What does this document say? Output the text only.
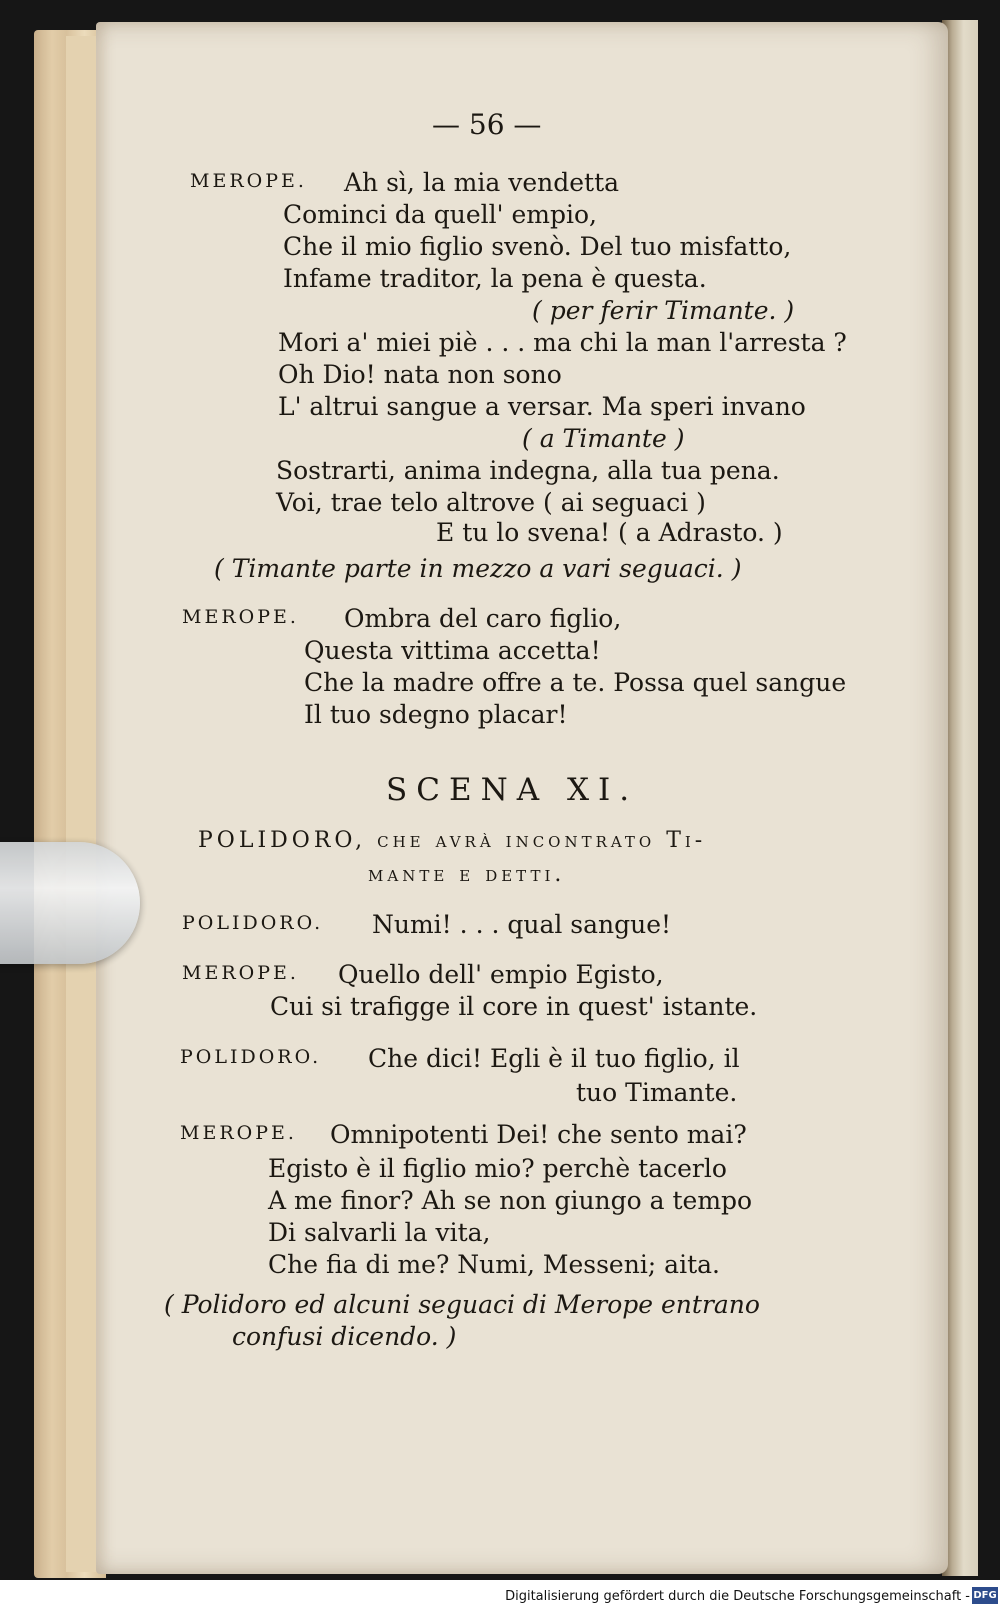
— 56 —
MEROPE. Ah sì, la mia vendetta
Cominci da quell' empio,
Che il mio figlio svenò. Del tuo misfatto,
Infame traditor, la pena è questa.
( per ferir Timante. )
Mori a' miei piè . . . ma chi la man l'arresta ?
Oh Dio! nata non sono
L' altrui sangue a versar. Ma speri invano
( a Timante )
Sostrarti, anima indegna, alla tua pena.
Voi, trae telo altrove ( ai seguaci )
E tu lo svena! ( a Adrasto. )
( Timante parte in mezzo a vari seguaci. )
MEROPE. Ombra del caro figlio,
Questa vittima accetta!
Che la madre offre a te. Possa quel sangue
Il tuo sdegno placar!
SCENA XI.
POLIDORO, che avrà incontrato Ti-
mante e detti.
POLIDORO. Numi! . . . qual sangue!
MEROPE. Quello dell' empio Egisto,
Cui si trafigge il core in quest' istante.
POLIDORO. Che dici! Egli è il tuo figlio, il
tuo Timante.
MEROPE. Omnipotenti Dei! che sento mai?
Egisto è il figlio mio? perchè tacerlo
A me finor? Ah se non giungo a tempo
Di salvarli la vita,
Che fia di me? Numi, Messeni; aita.
( Polidoro ed alcuni seguaci di Merope entrano
confusi dicendo. )
Digitalisierung gefördert durch die Deutsche Forschungsgemeinschaft - DFG
